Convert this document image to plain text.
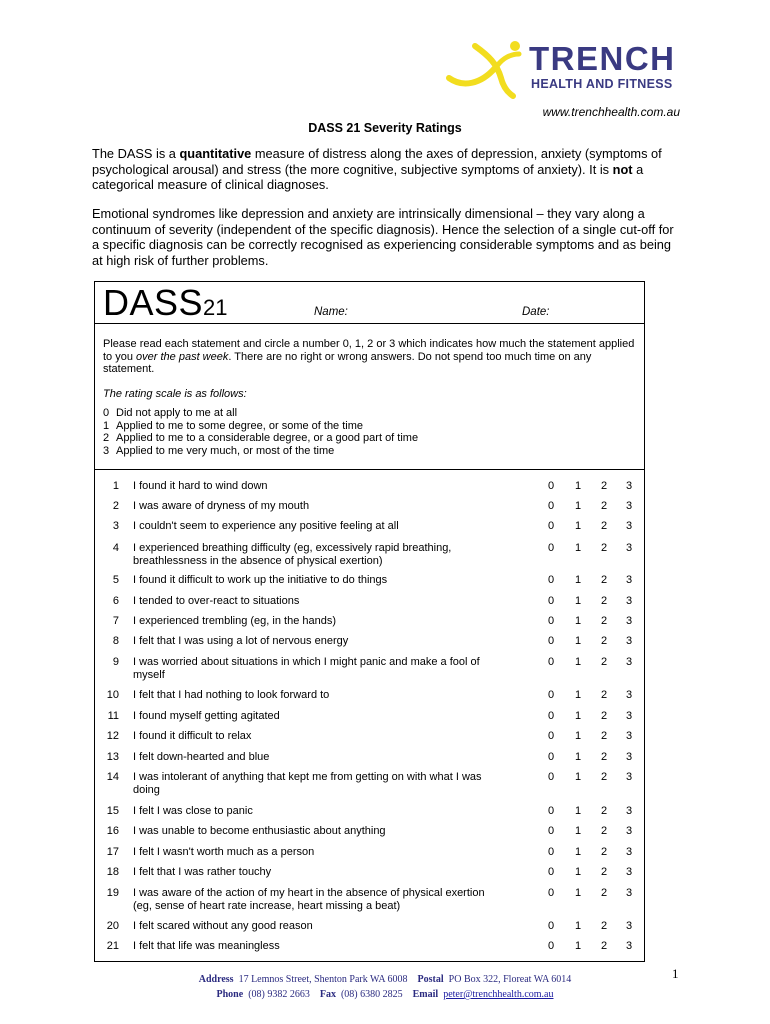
TRENCH
HEALTH AND FITNESS
www.trenchhealth.com.au
DASS 21 Severity Ratings
The DASS is a quantitative measure of distress along the axes of depression, anxiety (symptoms of psychological arousal) and stress (the more cognitive, subjective symptoms of anxiety). It is not a categorical measure of clinical diagnoses.
Emotional syndromes like depression and anxiety are intrinsically dimensional – they vary along a continuum of severity (independent of the specific diagnosis). Hence the selection of a single cut-off for a specific diagnosis can be correctly recognised as experiencing considerable symptoms and as being at high risk of further problems.
DASS21	Name:	Date:
Please read each statement and circle a number 0, 1, 2 or 3 which indicates how much the statement applied to you over the past week. There are no right or wrong answers. Do not spend too much time on any statement.
The rating scale is as follows:
0 Did not apply to me at all
1 Applied to me to some degree, or some of the time
2 Applied to me to a considerable degree, or a good part of time
3 Applied to me very much, or most of the time
1 I found it hard to wind down	0 1 2 3
2 I was aware of dryness of my mouth	0 1 2 3
3 I couldn't seem to experience any positive feeling at all	0 1 2 3
4 I experienced breathing difficulty (eg, excessively rapid breathing, breathlessness in the absence of physical exertion)
0 1 2 3
5 I found it difficult to work up the initiative to do things	0 1 2 3
6 I tended to over-react to situations	0 1 2 3
7 I experienced trembling (eg, in the hands)	0 1 2 3
8 I felt that I was using a lot of nervous energy	0 1 2 3
9 I was worried about situations in which I might panic and make a fool of myself
0 1 2 3
10 I felt that I had nothing to look forward to	0 1 2 3
11 I found myself getting agitated	0 1 2 3
12 I found it difficult to relax	0 1 2 3
13 I felt down-hearted and blue	0 1 2 3
14 I was intolerant of anything that kept me from getting on with what I was doing
0 1 2 3
15 I felt I was close to panic	0 1 2 3
16 I was unable to become enthusiastic about anything	0 1 2 3
17 I felt I wasn't worth much as a person	0 1 2 3
18 I felt that I was rather touchy	0 1 2 3
19 I was aware of the action of my heart in the absence of physical exertion (eg, sense of heart rate increase, heart missing a beat)
0 1 2 3
20 I felt scared without any good reason	0 1 2 3
21 I felt that life was meaningless	0 1 2 3
1
Address 17 Lemnos Street, Shenton Park WA 6008 Postal PO Box 322, Floreat WA 6014
Phone (08) 9382 2663 Fax (08) 6380 2825 Email peter@trenchhealth.com.au
